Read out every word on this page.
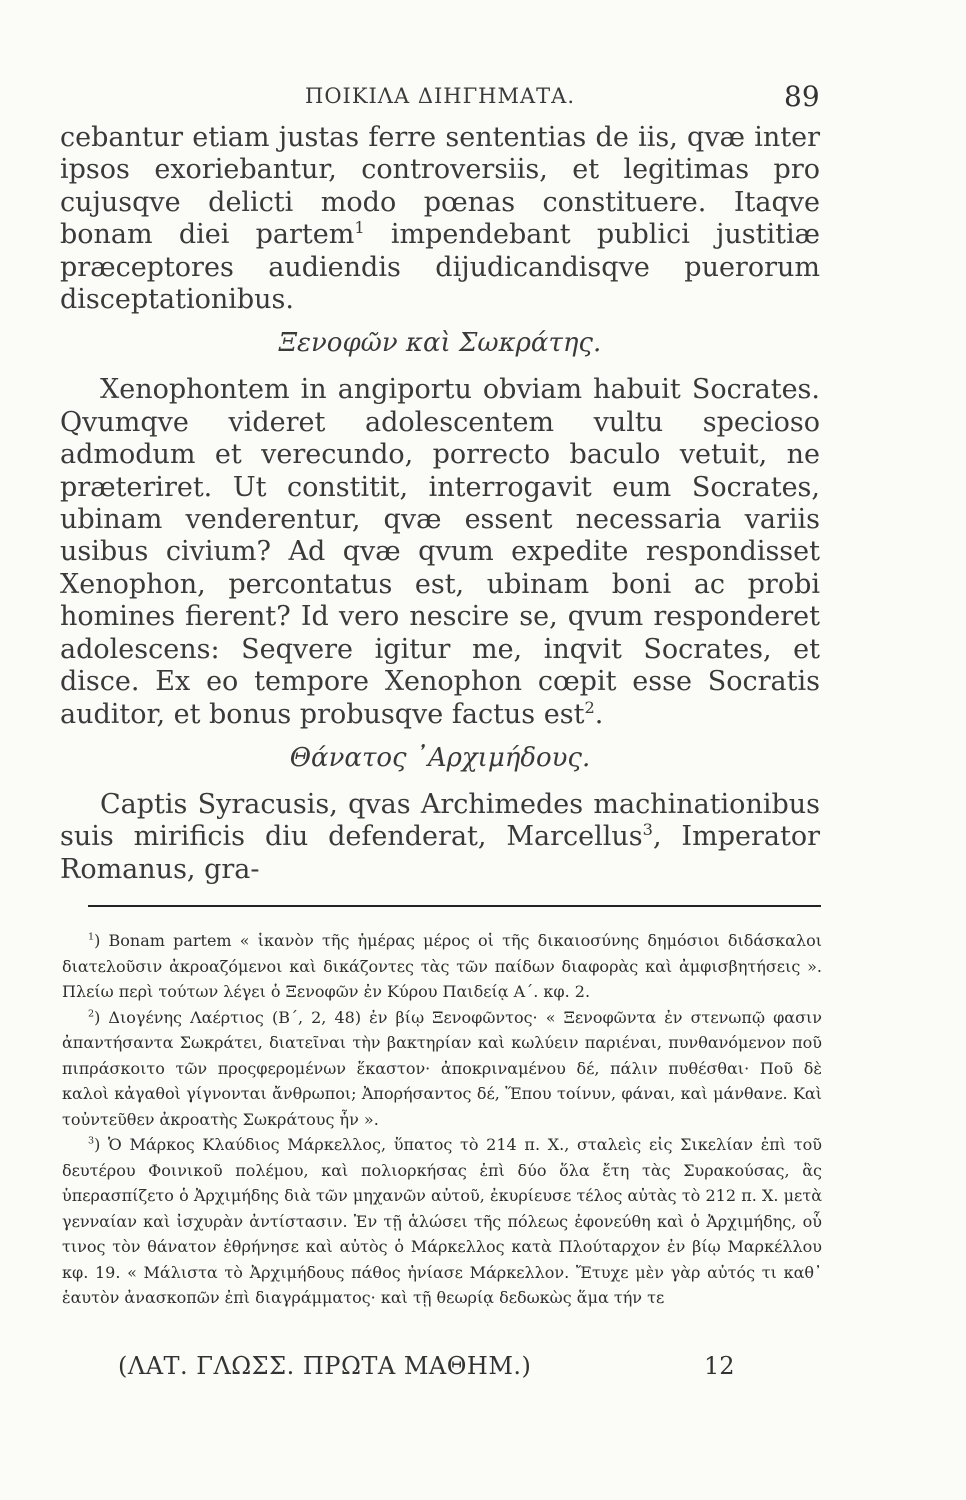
ΠΟΙΚΙΛΑ ΔΙΗΓΗΜΑΤΑ.	89

cebantur etiam justas ferre sententias de iis, qvæ inter ipsos exoriebantur, controversiis, et legitimas pro cujusqve delicti modo pœnas constituere. Itaqve bonam diei partem$^1$ impendebant publici justitiæ præceptores audiendis dijudicandisqve puerorum disceptationibus.

Ξενοφῶν καὶ Σωκράτης.

Xenophontem in angiportu obviam habuit Socrates. Qvumqve videret adolescentem vultu specioso admodum et verecundo, porrecto baculo vetuit, ne præteriret. Ut constitit, interrogavit eum Socrates, ubinam venderentur, qvæ essent necessaria variis usibus civium? Ad qvæ qvum expedite respondisset Xenophon, percontatus est, ubinam boni ac probi homines fierent? Id vero nescire se, qvum responderet adolescens: Seqvere igitur me, inqvit Socrates, et disce. Ex eo tempore Xenophon cœpit esse Socratis auditor, et bonus probusqve factus est$^2$.

Θάνατος ᾿Αρχιμήδους.

Captis Syracusis, qvas Archimedes machinationibus suis mirificis diu defenderat, Marcellus$^3$, Imperator Romanus, gra-

$^1$) Bonam partem « ἱκανὸν τῆς ἡμέρας μέρος οἱ τῆς δικαιοσύνης δημόσιοι διδάσκαλοι διατελοῦσιν ἀκροαζόμενοι καὶ δικάζοντες τὰς τῶν παίδων διαφορὰς καὶ ἀμφισβητήσεις ». Πλείω περὶ τούτων λέγει ὁ Ξενοφῶν ἐν Κύρου Παιδείᾳ Α΄. κφ. 2.

$^2$) Διογένης Λαέρτιος (Β΄, 2, 48) ἐν βίῳ Ξενοφῶντος· « Ξενοφῶντα ἐν στενωπῷ φασιν ἀπαντήσαντα Σωκράτει, διατεῖναι τὴν βακτηρίαν καὶ κωλύειν παριέναι, πυνθανόμενον ποῦ πιπράσκοιτο τῶν προςφερομένων ἕκαστον· ἀποκριναμένου δέ, πάλιν πυθέσθαι· Ποῦ δὲ καλοὶ κἀγαθοὶ γίγνονται ἄνθρωποι; Ἀπορήσαντος δέ, Ἕπου τοίνυν, φάναι, καὶ μάνθανε. Καὶ τοὐντεῦθεν ἀκροατὴς Σωκράτους ἦν ».

$^3$) Ὁ Μάρκος Κλαύδιος Μάρκελλος, ὕπατος τὸ 214 π. Χ., σταλεὶς εἰς Σικελίαν ἐπὶ τοῦ δευτέρου Φοινικοῦ πολέμου, καὶ πολιορκήσας ἐπὶ δύο ὅλα ἔτη τὰς Συρακούσας, ἃς ὑπερασπίζετο ὁ Ἀρχιμήδης διὰ τῶν μηχανῶν αὐτοῦ, ἐκυρίευσε τέλος αὐτὰς τὸ 212 π. Χ. μετὰ γενναίαν καὶ ἰσχυρὰν ἀντίστασιν. Ἐν τῇ ἁλώσει τῆς πόλεως ἐφονεύθη καὶ ὁ Ἀρχιμήδης, οὗ τινος τὸν θάνατον ἐθρήνησε καὶ αὐτὸς ὁ Μάρκελλος κατὰ Πλούταρχον ἐν βίῳ Μαρκέλλου κφ. 19. « Μάλιστα τὸ Ἀρχιμήδους πάθος ἠνίασε Μάρκελλον. Ἔτυχε μὲν γὰρ αὐτός τι καθ᾿ ἑαυτὸν ἀνασκοπῶν ἐπὶ διαγράμματος· καὶ τῇ θεωρίᾳ δεδωκὼς ἅμα τήν τε

(ΛΑΤ. ΓΛΩΣΣ. ΠΡΩΤΑ ΜΑΘΗΜ.)	12
